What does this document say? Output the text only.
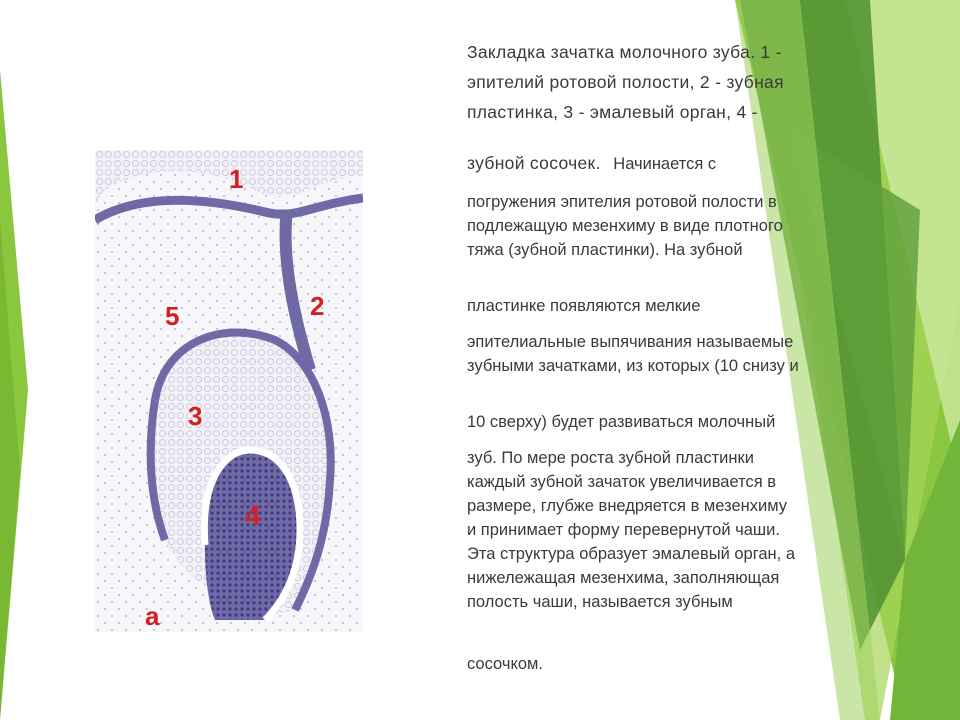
1
2
3
4
5
а
Закладка зачатка молочного зуба. 1 -
эпителий ротовой полости, 2 - зубная
пластинка, 3 - эмалевый орган, 4 -
зубной сосочек. Начинается с
погружения эпителия ротовой полости в
подлежащую мезенхиму в виде плотного
тяжа (зубной пластинки). На зубной
пластинке появляются мелкие
эпителиальные выпячивания называемые
зубными зачатками, из которых (10 снизу и
10 сверху) будет развиваться молочный
зуб. По мере роста зубной пластинки
каждый зубной зачаток увеличивается в
размере, глубже внедряется в мезенхиму
и принимает форму перевернутой чаши.
Эта структура образует эмалевый орган, а
нижележащая мезенхима, заполняющая
полость чаши, называется зубным
сосочком.
